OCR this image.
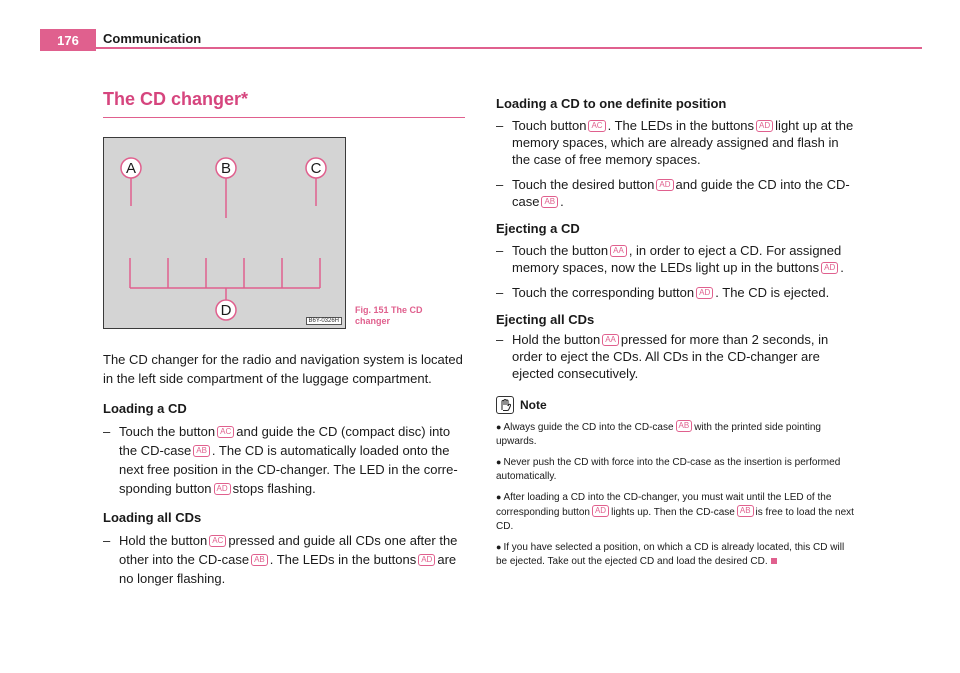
176	Communication
The CD changer*
A	B	C
D
B6Y-0326H
Fig. 151 The CD changer

The CD changer for the radio and navigation system is located in the left side compartment of the luggage compartment.

Loading a CD

– Touch the button AC and guide the CD (compact disc) into the CD-case AB . The CD is automatically loaded onto the next free position in the CD-changer. The LED in the corre-sponding button AD stops flashing.

Loading all CDs

– Hold the button AC pressed and guide all CDs one after the other into the CD-case AB . The LEDs in the buttons AD are no longer flashing.

Loading a CD to one definite position

– Touch button AC . The LEDs in the buttons AD light up at the memory spaces, which are already assigned and flash in the case of free memory spaces.

– Touch the desired button AD and guide the CD into the CD-case AB .

Ejecting a CD

– Touch the button AA , in order to eject a CD. For assigned memory spaces, now the LEDs light up in the buttons AD .

– Touch the corresponding button AD . The CD is ejected.

Ejecting all CDs

– Hold the button AA pressed for more than 2 seconds, in order to eject the CDs. All CDs in the CD-changer are ejected consecutively.

Note

● Always guide the CD into the CD-case AB with the printed side pointing upwards.

● Never push the CD with force into the CD-case as the insertion is performed automatically.

● After loading a CD into the CD-changer, you must wait until the LED of the corresponding button AD lights up. Then the CD-case AB is free to load the next CD.

● If you have selected a position, on which a CD is already located, this CD will be ejected. Take out the ejected CD and load the desired CD.
